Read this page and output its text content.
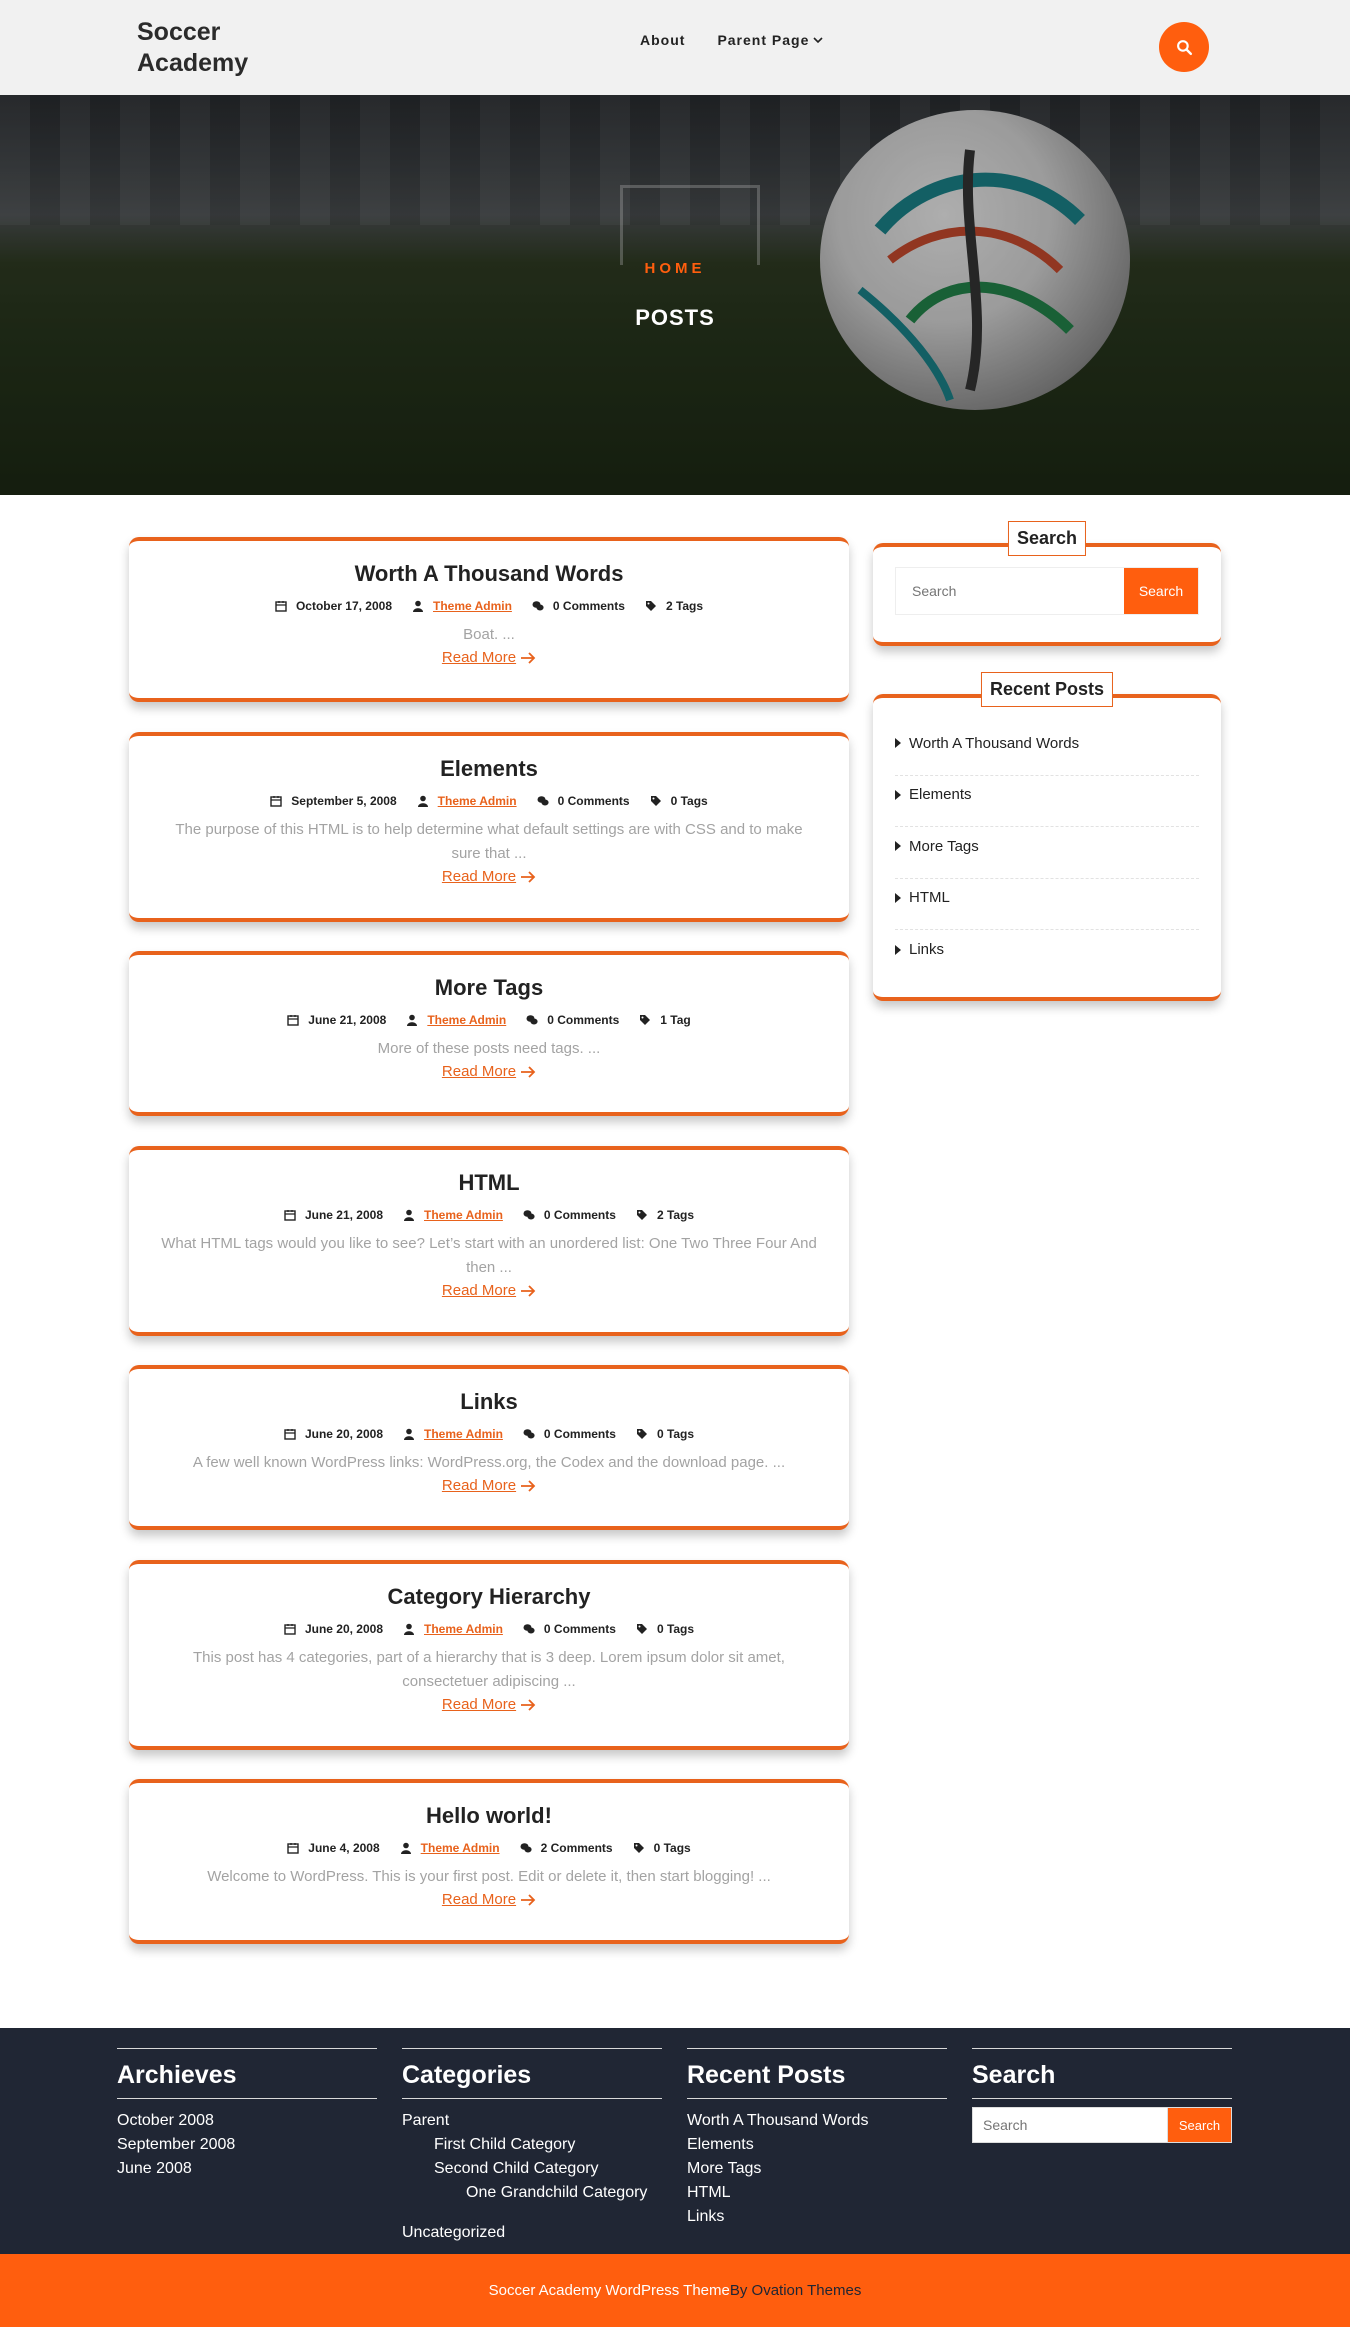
Soccer Academy
About Parent Page
HOME
POSTS
Worth A Thousand Words
October 17, 2008	Theme Admin	0 Comments	2 Tags

Boat. ...

Read More
Elements
September 5, 2008	Theme Admin	0 Comments	0 Tags

The purpose of this HTML is to help determine what default settings are with CSS and to make sure that ...

Read More
More Tags
June 21, 2008	Theme Admin	0 Comments	1 Tag

More of these posts need tags. ...

Read More
HTML
June 21, 2008	Theme Admin	0 Comments	2 Tags

What HTML tags would you like to see? Let’s start with an unordered list: One Two Three Four And then ...

Read More
Links
June 20, 2008	Theme Admin	0 Comments	0 Tags

A few well known WordPress links: WordPress.org, the Codex and the download page. ...

Read More
Category Hierarchy
June 20, 2008	Theme Admin	0 Comments	0 Tags

This post has 4 categories, part of a hierarchy that is 3 deep. Lorem ipsum dolor sit amet, consectetuer adipiscing ...

Read More
Hello world!
June 4, 2008	Theme Admin	2 Comments	0 Tags

Welcome to WordPress. This is your first post. Edit or delete it, then start blogging! ...

Read More
Search
Search
Search
Recent Posts
Worth A Thousand Words
Elements
More Tags
HTML
Links
Archieves
October 2008
September 2008
June 2008
Categories
Parent
First Child Category
Second Child Category
One Grandchild Category
Uncategorized
Recent Posts
Worth A Thousand Words
Elements
More Tags
HTML
Links
Search
Search
Search
Soccer Academy WordPress Theme By Ovation Themes
